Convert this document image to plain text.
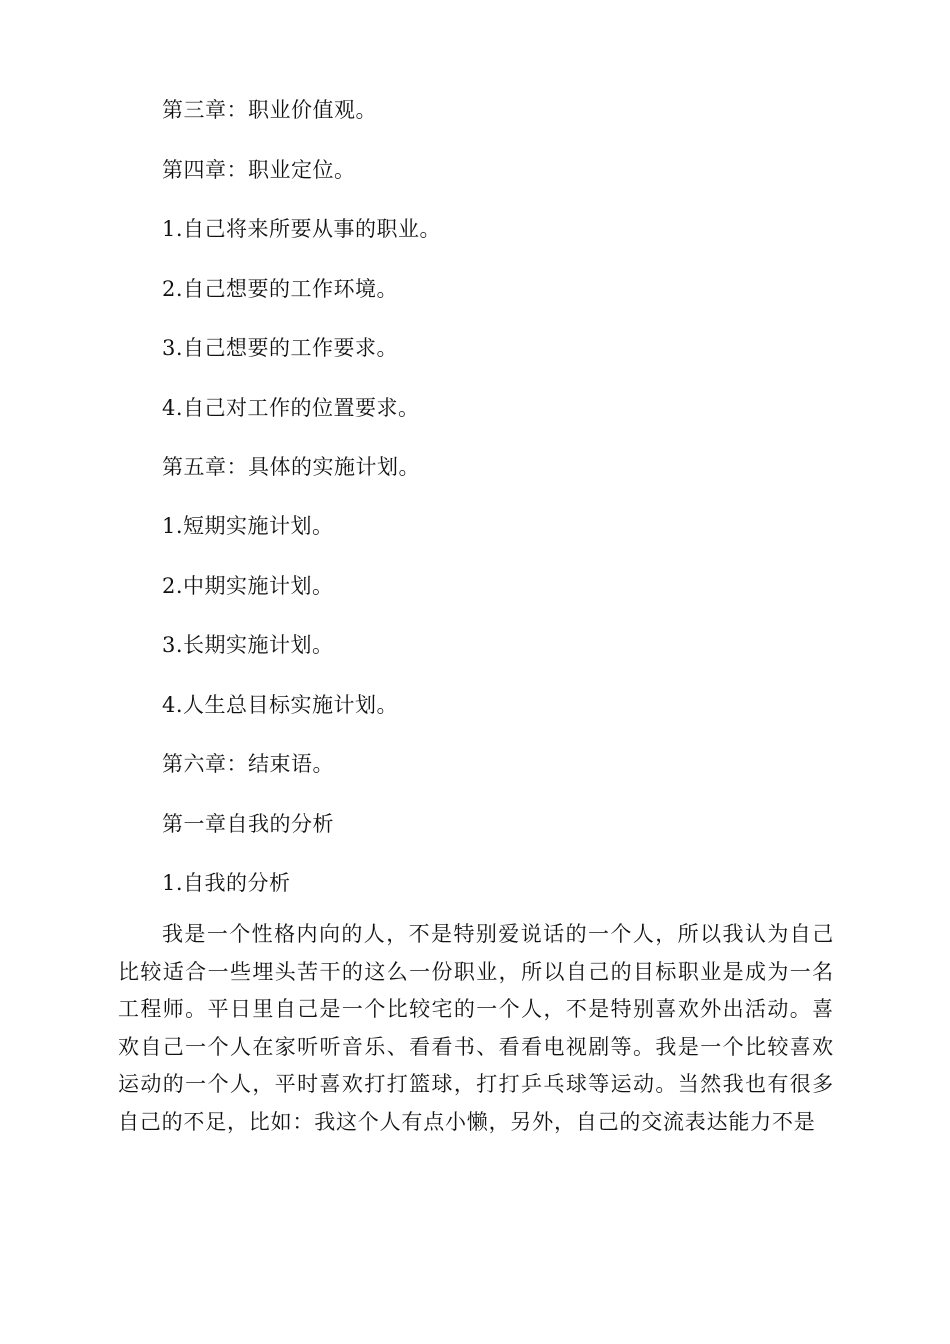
第三章：职业价值观。
第四章：职业定位。
1.自己将来所要从事的职业。
2.自己想要的工作环境。
3.自己想要的工作要求。
4.自己对工作的位置要求。
第五章：具体的实施计划。
1.短期实施计划。
2.中期实施计划。
3.长期实施计划。
4.人生总目标实施计划。
第六章：结束语。
第一章自我的分析
1.自我的分析
我是一个性格内向的人，不是特别爱说话的一个人，所以我认为自己比较适合一些埋头苦干的这么一份职业，所以自己的目标职业是成为一名工程师。平日里自己是一个比较宅的一个人，不是特别喜欢外出活动。喜欢自己一个人在家听听音乐、看看书、看看电视剧等。我是一个比较喜欢运动的一个人，平时喜欢打打篮球，打打乒乓球等运动。当然我也有很多自己的不足，比如：我这个人有点小懒，另外，自己的交流表达能力不是
